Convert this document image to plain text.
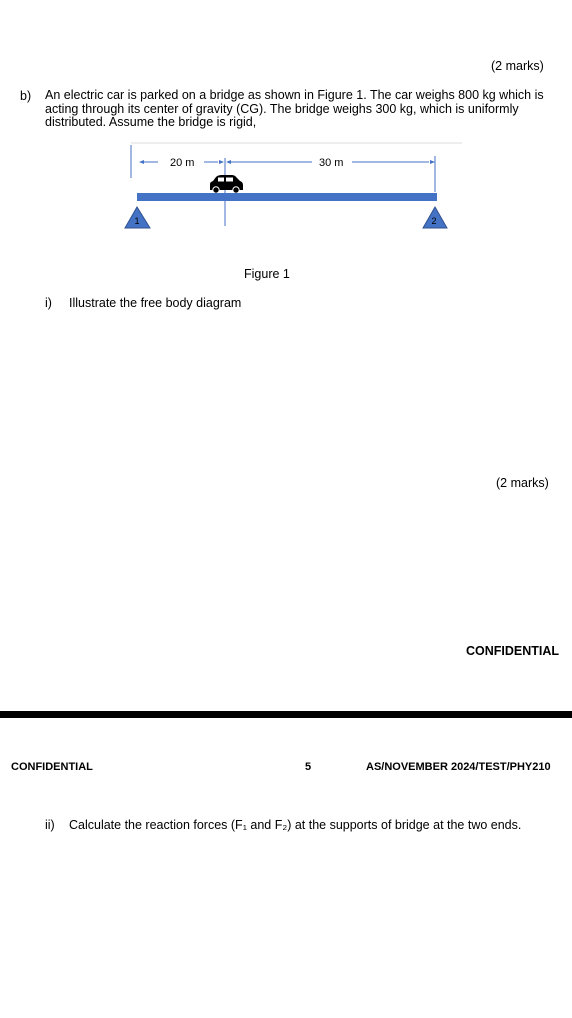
(2 marks)
b) An electric car is parked on a bridge as shown in Figure 1. The car weighs 800 kg which is acting through its center of gravity (CG). The bridge weighs 300 kg, which is uniformly distributed. Assume the bridge is rigid,
20 m	30 m
1	2
Figure 1
i) Illustrate the free body diagram
(2 marks)
CONFIDENTIAL
CONFIDENTIAL	5	AS/NOVEMBER 2024/TEST/PHY210
ii) Calculate the reaction forces (F₁ and F₂) at the supports of bridge at the two ends.
